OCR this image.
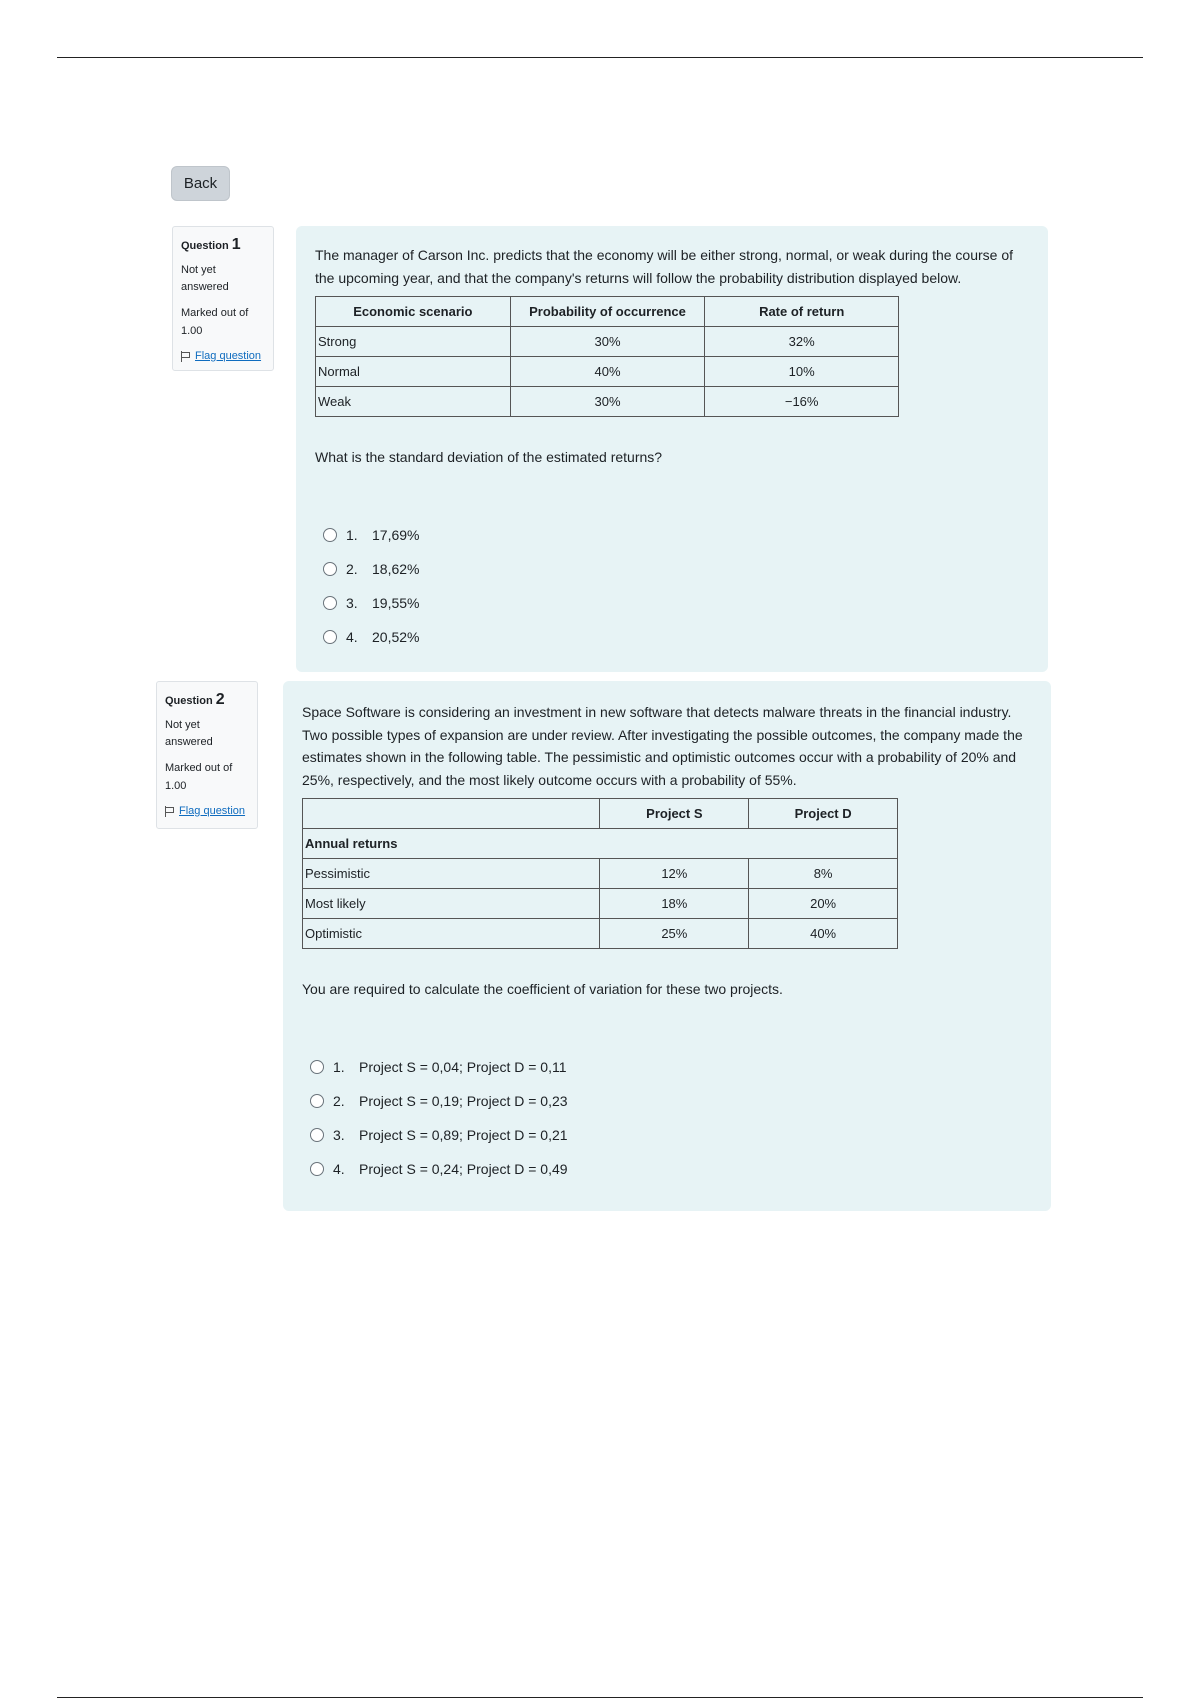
Back
Question 1
Not yet answered
Marked out of 1.00
Flag question
The manager of Carson Inc. predicts that the economy will be either strong, normal, or weak during the course of the upcoming year, and that the company's returns will follow the probability distribution displayed below.
Economic scenario	Probability of occurrence	Rate of return
Strong	30%	32%
Normal	40%	10%
Weak	30%	−16%
What is the standard deviation of the estimated returns?
1.	17,69%
2.	18,62%
3.	19,55%
4.	20,52%
Question 2
Not yet answered
Marked out of 1.00
Flag question
Space Software is considering an investment in new software that detects malware threats in the financial industry. Two possible types of expansion are under review. After investigating the possible outcomes, the company made the estimates shown in the following table. The pessimistic and optimistic outcomes occur with a probability of 20% and 25%, respectively, and the most likely outcome occurs with a probability of 55%.
	Project S	Project D
Annual returns		
Pessimistic	12%	8%
Most likely	18%	20%
Optimistic	25%	40%
You are required to calculate the coefficient of variation for these two projects.
1.	Project S = 0,04; Project D = 0,11
2.	Project S = 0,19; Project D = 0,23
3.	Project S = 0,89; Project D = 0,21
4.	Project S = 0,24; Project D = 0,49
